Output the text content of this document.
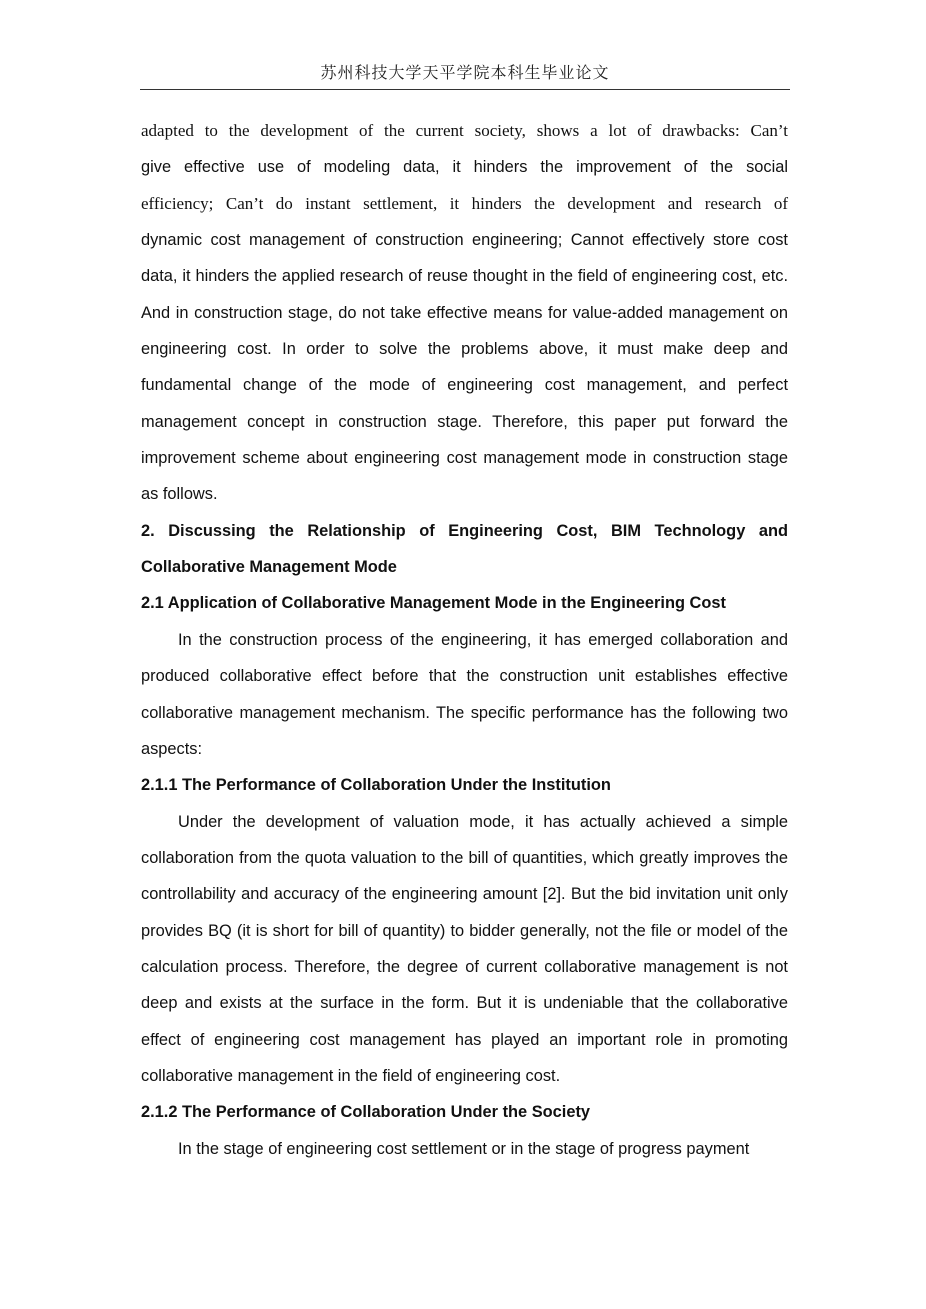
苏州科技大学天平学院本科生毕业论文

adapted to the development of the current society, shows a lot of drawbacks: Can’t

give effective use of modeling data, it hinders the improvement of the social

efficiency; Can’t do instant settlement, it hinders the development and research of

dynamic cost management of construction engineering; Cannot effectively store cost data, it hinders the applied research of reuse thought in the field of engineering cost, etc. And in construction stage, do not take effective means for value-added management on engineering cost. In order to solve the problems above, it must make deep and fundamental change of the mode of engineering cost management, and perfect management concept in construction stage. Therefore, this paper put forward the improvement scheme about engineering cost management mode in construction stage as follows.

2. Discussing the Relationship of Engineering Cost, BIM Technology and Collaborative Management Mode

2.1 Application of Collaborative Management Mode in the Engineering Cost

In the construction process of the engineering, it has emerged collaboration and produced collaborative effect before that the construction unit establishes effective collaborative management mechanism. The specific performance has the following two aspects:

2.1.1 The Performance of Collaboration Under the Institution

Under the development of valuation mode, it has actually achieved a simple collaboration from the quota valuation to the bill of quantities, which greatly improves the controllability and accuracy of the engineering amount [2]. But the bid invitation unit only provides BQ (it is short for bill of quantity) to bidder generally, not the file or model of the calculation process. Therefore, the degree of current collaborative management is not deep and exists at the surface in the form. But it is undeniable that the collaborative effect of engineering cost management has played an important role in promoting collaborative management in the field of engineering cost.

2.1.2 The Performance of Collaboration Under the Society

In the stage of engineering cost settlement or in the stage of progress payment
